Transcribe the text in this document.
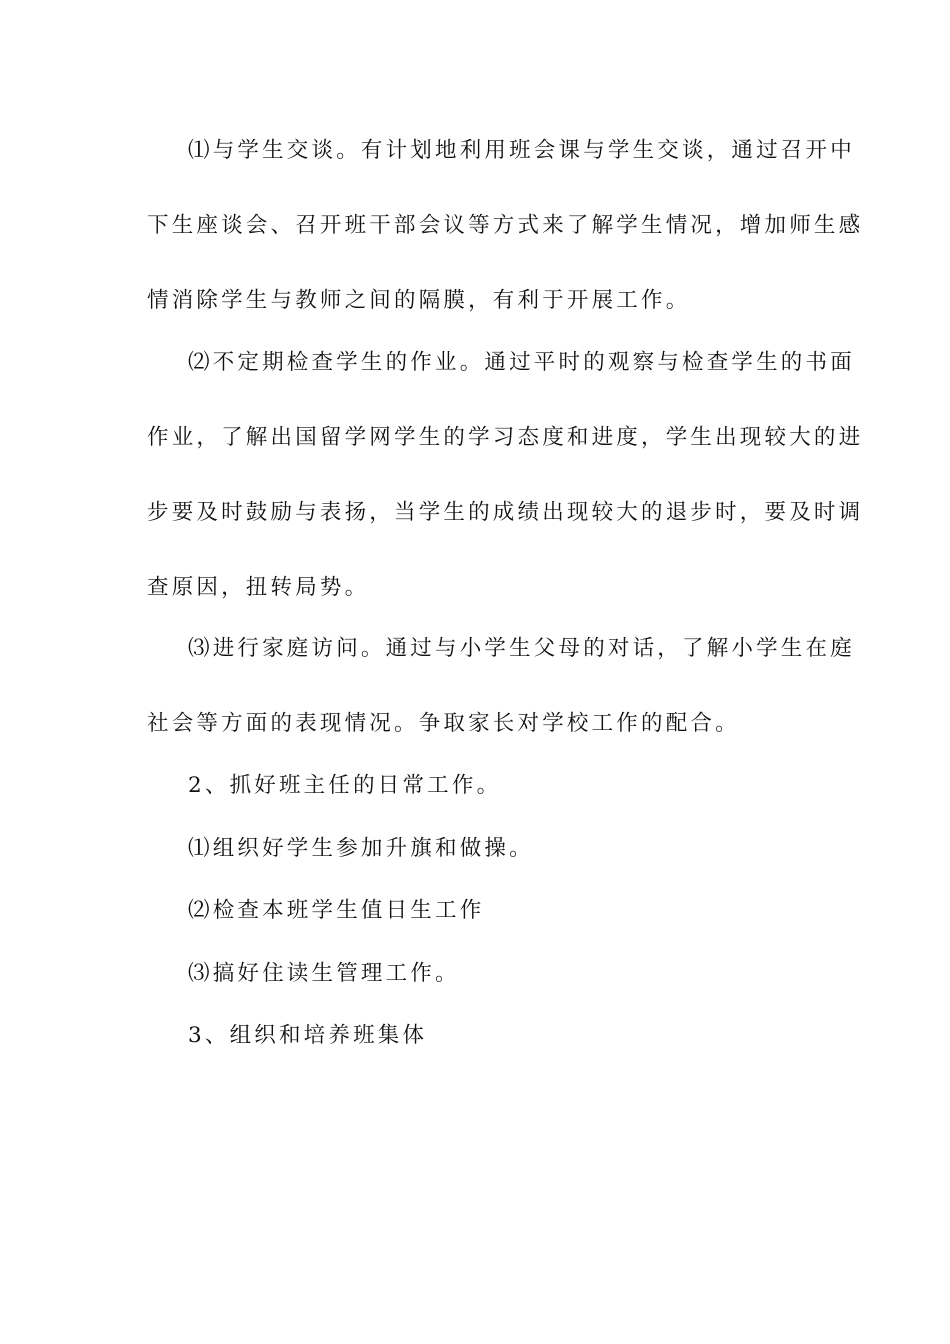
⑴与学生交谈。有计划地利用班会课与学生交谈，通过召开中
下生座谈会、召开班干部会议等方式来了解学生情况，增加师生感
情消除学生与教师之间的隔膜，有利于开展工作。
⑵不定期检查学生的作业。通过平时的观察与检查学生的书面
作业，了解出国留学网学生的学习态度和进度，学生出现较大的进
步要及时鼓励与表扬，当学生的成绩出现较大的退步时，要及时调
查原因，扭转局势。
⑶进行家庭访问。通过与小学生父母的对话，了解小学生在庭
社会等方面的表现情况。争取家长对学校工作的配合。
2、抓好班主任的日常工作。
⑴组织好学生参加升旗和做操。
⑵检查本班学生值日生工作
⑶搞好住读生管理工作。
3、组织和培养班集体
